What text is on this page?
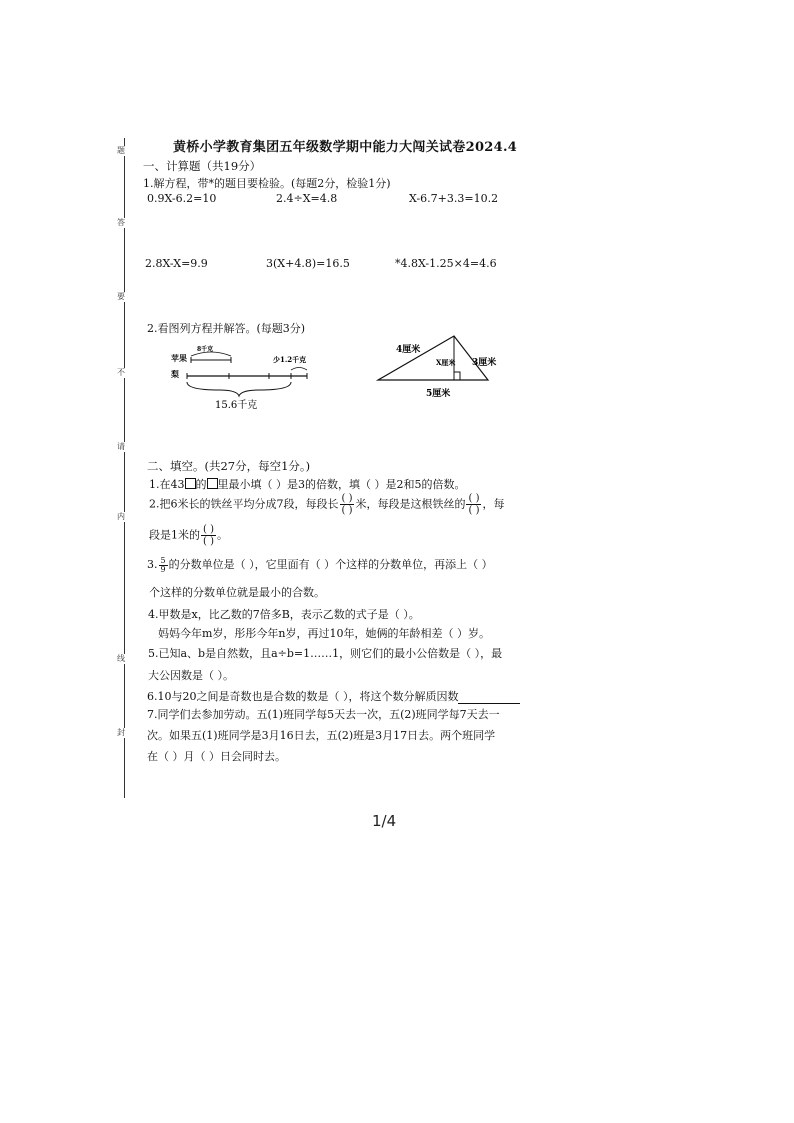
题
答
要
不
请
内
线
封
黄桥小学教育集团五年级数学期中能力大闯关试卷2024.4
一、计算题（共19分）
1.解方程，带*的题目要检验。(每题2分，检验1分)
0.9X-6.2=10	2.4÷X=4.8	X-6.7+3.3=10.2
2.8X-X=9.9	3(X+4.8)=16.5	*4.8X-1.25×4=4.6
2.看图列方程并解答。(每题3分)
苹果
梨
8千克
少1.2千克
15.6千克
4厘米
X厘米 3厘米
5厘米
二、填空。(共27分，每空1分。)
1.在43 的 里最小填（ ）是3的倍数，填（ ）是2和5的倍数。
2.把6米长的铁丝平均分成7段，每段长 $\frac{( )}{( )}$ 米，每段是这根铁丝的 $\frac{( )}{( )}$ ，每
段是1米的 $\frac{( )}{( )}$ 。
3. $\frac{5}{9}$ 的分数单位是（ ），它里面有（ ）个这样的分数单位，再添上（ ）
个这样的分数单位就是最小的合数。
4.甲数是x，比乙数的7倍多B，表示乙数的式子是（ ）。
妈妈今年m岁，彤彤今年n岁，再过10年，她俩的年龄相差（ ）岁。
5.已知a、b是自然数，且a÷b=1……1，则它们的最小公倍数是（ ），最
大公因数是（ ）。
6.10与20之间是奇数也是合数的数是（ ），将这个数分解质因数
7.同学们去参加劳动。五(1)班同学每5天去一次，五(2)班同学每7天去一
次。如果五(1)班同学是3月16日去，五(2)班是3月17日去。两个班同学
在（ ）月（ ）日会同时去。
1/4
